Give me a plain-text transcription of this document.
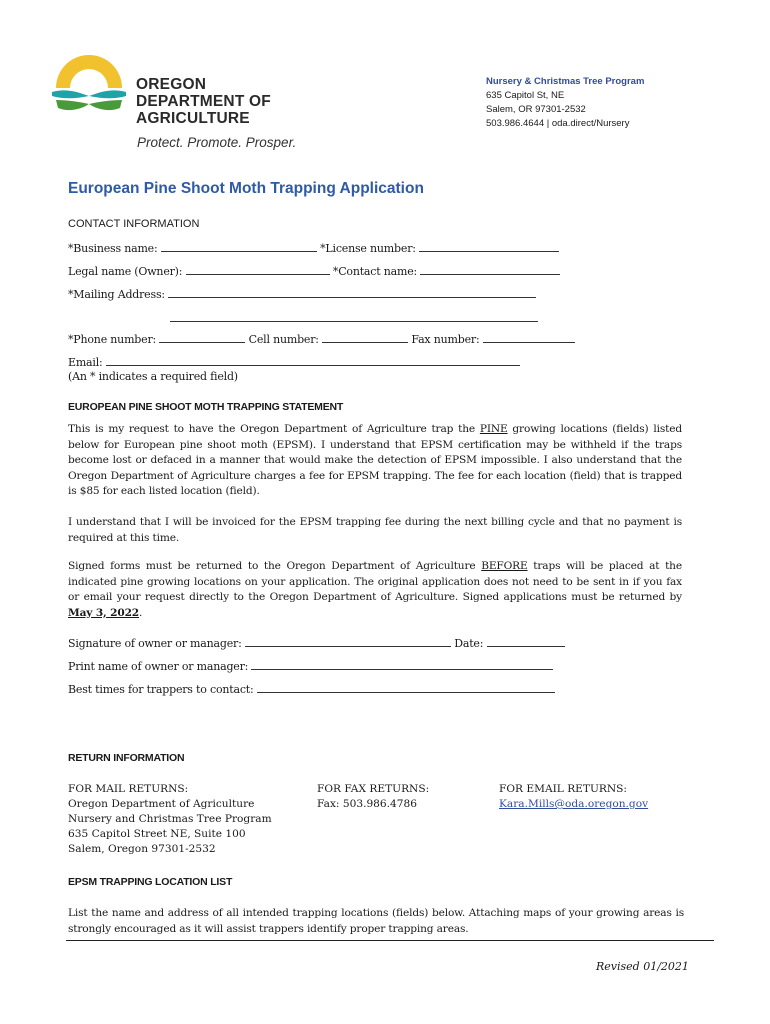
OREGON
DEPARTMENT OF
AGRICULTURE
Protect. Promote. Prosper.
Nursery & Christmas Tree Program
635 Capitol St, NE
Salem, OR 97301-2532
503.986.4644 | oda.direct/Nursery
European Pine Shoot Moth Trapping Application
CONTACT INFORMATION
*Business name:	*License number:
Legal name (Owner):	*Contact name:
*Mailing Address:
*Phone number:	Cell number:	Fax number:
Email:
(An * indicates a required field)
EUROPEAN PINE SHOOT MOTH TRAPPING STATEMENT
This is my request to have the Oregon Department of Agriculture trap the PINE growing locations (fields) listed below for European pine shoot moth (EPSM). I understand that EPSM certification may be withheld if the traps become lost or defaced in a manner that would make the detection of EPSM impossible. I also understand that the Oregon Department of Agriculture charges a fee for EPSM trapping. The fee for each location (field) that is trapped is $85 for each listed location (field).
I understand that I will be invoiced for the EPSM trapping fee during the next billing cycle and that no payment is required at this time.
Signed forms must be returned to the Oregon Department of Agriculture BEFORE traps will be placed at the indicated pine growing locations on your application. The original application does not need to be sent in if you fax or email your request directly to the Oregon Department of Agriculture. Signed applications must be returned by May 3, 2022.
Signature of owner or manager:	Date:
Print name of owner or manager:
Best times for trappers to contact:
RETURN INFORMATION
FOR MAIL RETURNS:
Oregon Department of Agriculture
Nursery and Christmas Tree Program
635 Capitol Street NE, Suite 100
Salem, Oregon 97301-2532
FOR FAX RETURNS:
Fax: 503.986.4786
FOR EMAIL RETURNS:
Kara.Mills@oda.oregon.gov
EPSM TRAPPING LOCATION LIST
List the name and address of all intended trapping locations (fields) below. Attaching maps of your growing areas is strongly encouraged as it will assist trappers identify proper trapping areas.
Revised 01/2021
